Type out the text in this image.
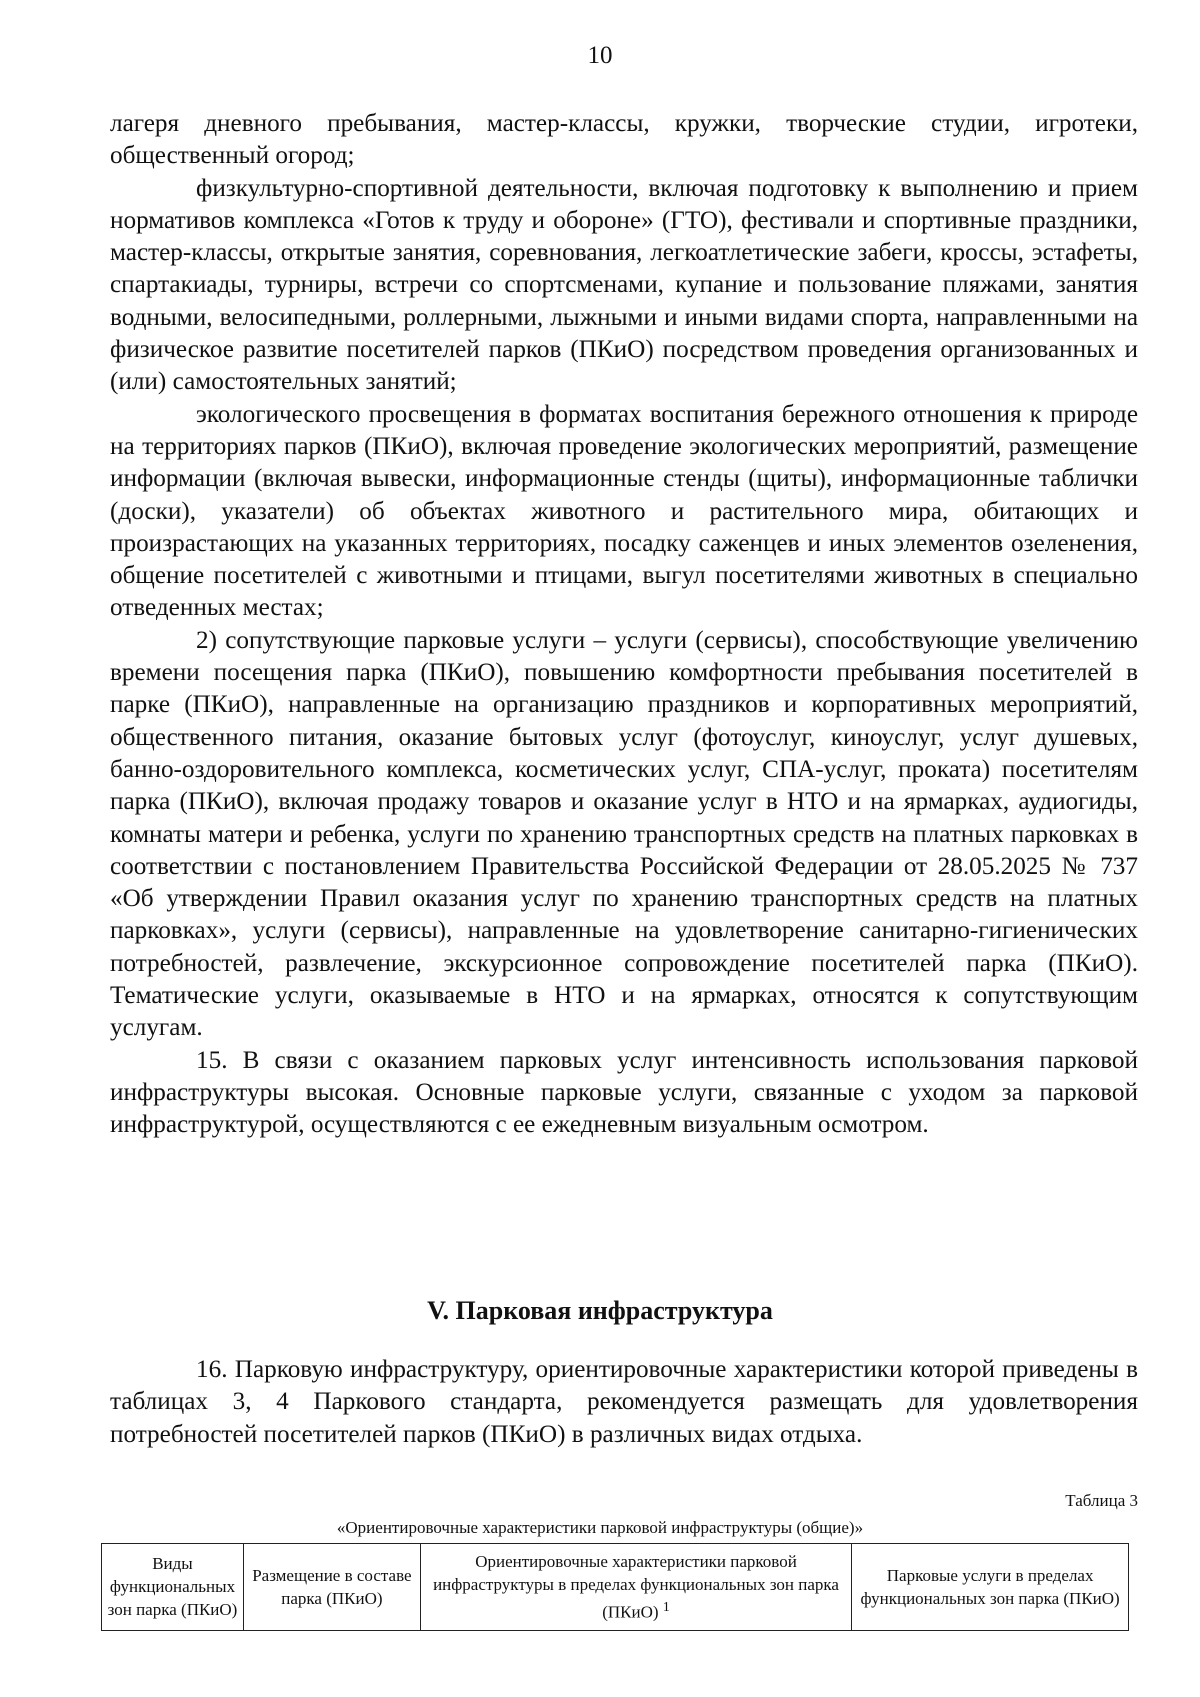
10

лагеря дневного пребывания, мастер-классы, кружки, творческие студии, игротеки, общественный огород;

физкультурно-спортивной деятельности, включая подготовку к выполнению и прием нормативов комплекса «Готов к труду и обороне» (ГТО), фестивали и спортивные праздники, мастер-классы, открытые занятия, соревнования, легкоатлетические забеги, кроссы, эстафеты, спартакиады, турниры, встречи со спортсменами, купание и пользование пляжами, занятия водными, велосипедными, роллерными, лыжными и иными видами спорта, направленными на физическое развитие посетителей парков (ПКиО) посредством проведения организованных и (или) самостоятельных занятий;

экологического просвещения в форматах воспитания бережного отношения к природе на территориях парков (ПКиО), включая проведение экологических мероприятий, размещение информации (включая вывески, информационные стенды (щиты), информационные таблички (доски), указатели) об объектах животного и растительного мира, обитающих и произрастающих на указанных территориях, посадку саженцев и иных элементов озеленения, общение посетителей с животными и птицами, выгул посетителями животных в специально отведенных местах;

2) сопутствующие парковые услуги – услуги (сервисы), способствующие увеличению времени посещения парка (ПКиО), повышению комфортности пребывания посетителей в парке (ПКиО), направленные на организацию праздников и корпоративных мероприятий, общественного питания, оказание бытовых услуг (фотоуслуг, киноуслуг, услуг душевых, банно-оздоровительного комплекса, косметических услуг, СПА-услуг, проката) посетителям парка (ПКиО), включая продажу товаров и оказание услуг в НТО и на ярмарках, аудиогиды, комнаты матери и ребенка, услуги по хранению транспортных средств на платных парковках в соответствии с постановлением Правительства Российской Федерации от 28.05.2025 № 737 «Об утверждении Правил оказания услуг по хранению транспортных средств на платных парковках», услуги (сервисы), направленные на удовлетворение санитарно-гигиенических потребностей, развлечение, экскурсионное сопровождение посетителей парка (ПКиО). Тематические услуги, оказываемые в НТО и на ярмарках, относятся к сопутствующим услугам.

15. В связи с оказанием парковых услуг интенсивность использования парковой инфраструктуры высокая. Основные парковые услуги, связанные с уходом за парковой инфраструктурой, осуществляются с ее ежедневным визуальным осмотром.

V. Парковая инфраструктура

16. Парковую инфраструктуру, ориентировочные характеристики которой приведены в таблицах 3, 4 Паркового стандарта, рекомендуется размещать для удовлетворения потребностей посетителей парков (ПКиО) в различных видах отдыха.

Таблица 3
«Ориентировочные характеристики парковой инфраструктуры (общие)»
Виды функциональных зон парка (ПКиО)	Размещение в составе парка (ПКиО)	Ориентировочные характеристики парковой инфраструктуры в пределах функциональных зон парка (ПКиО) $^1$	Парковые услуги в пределах функциональных зон парка (ПКиО)
